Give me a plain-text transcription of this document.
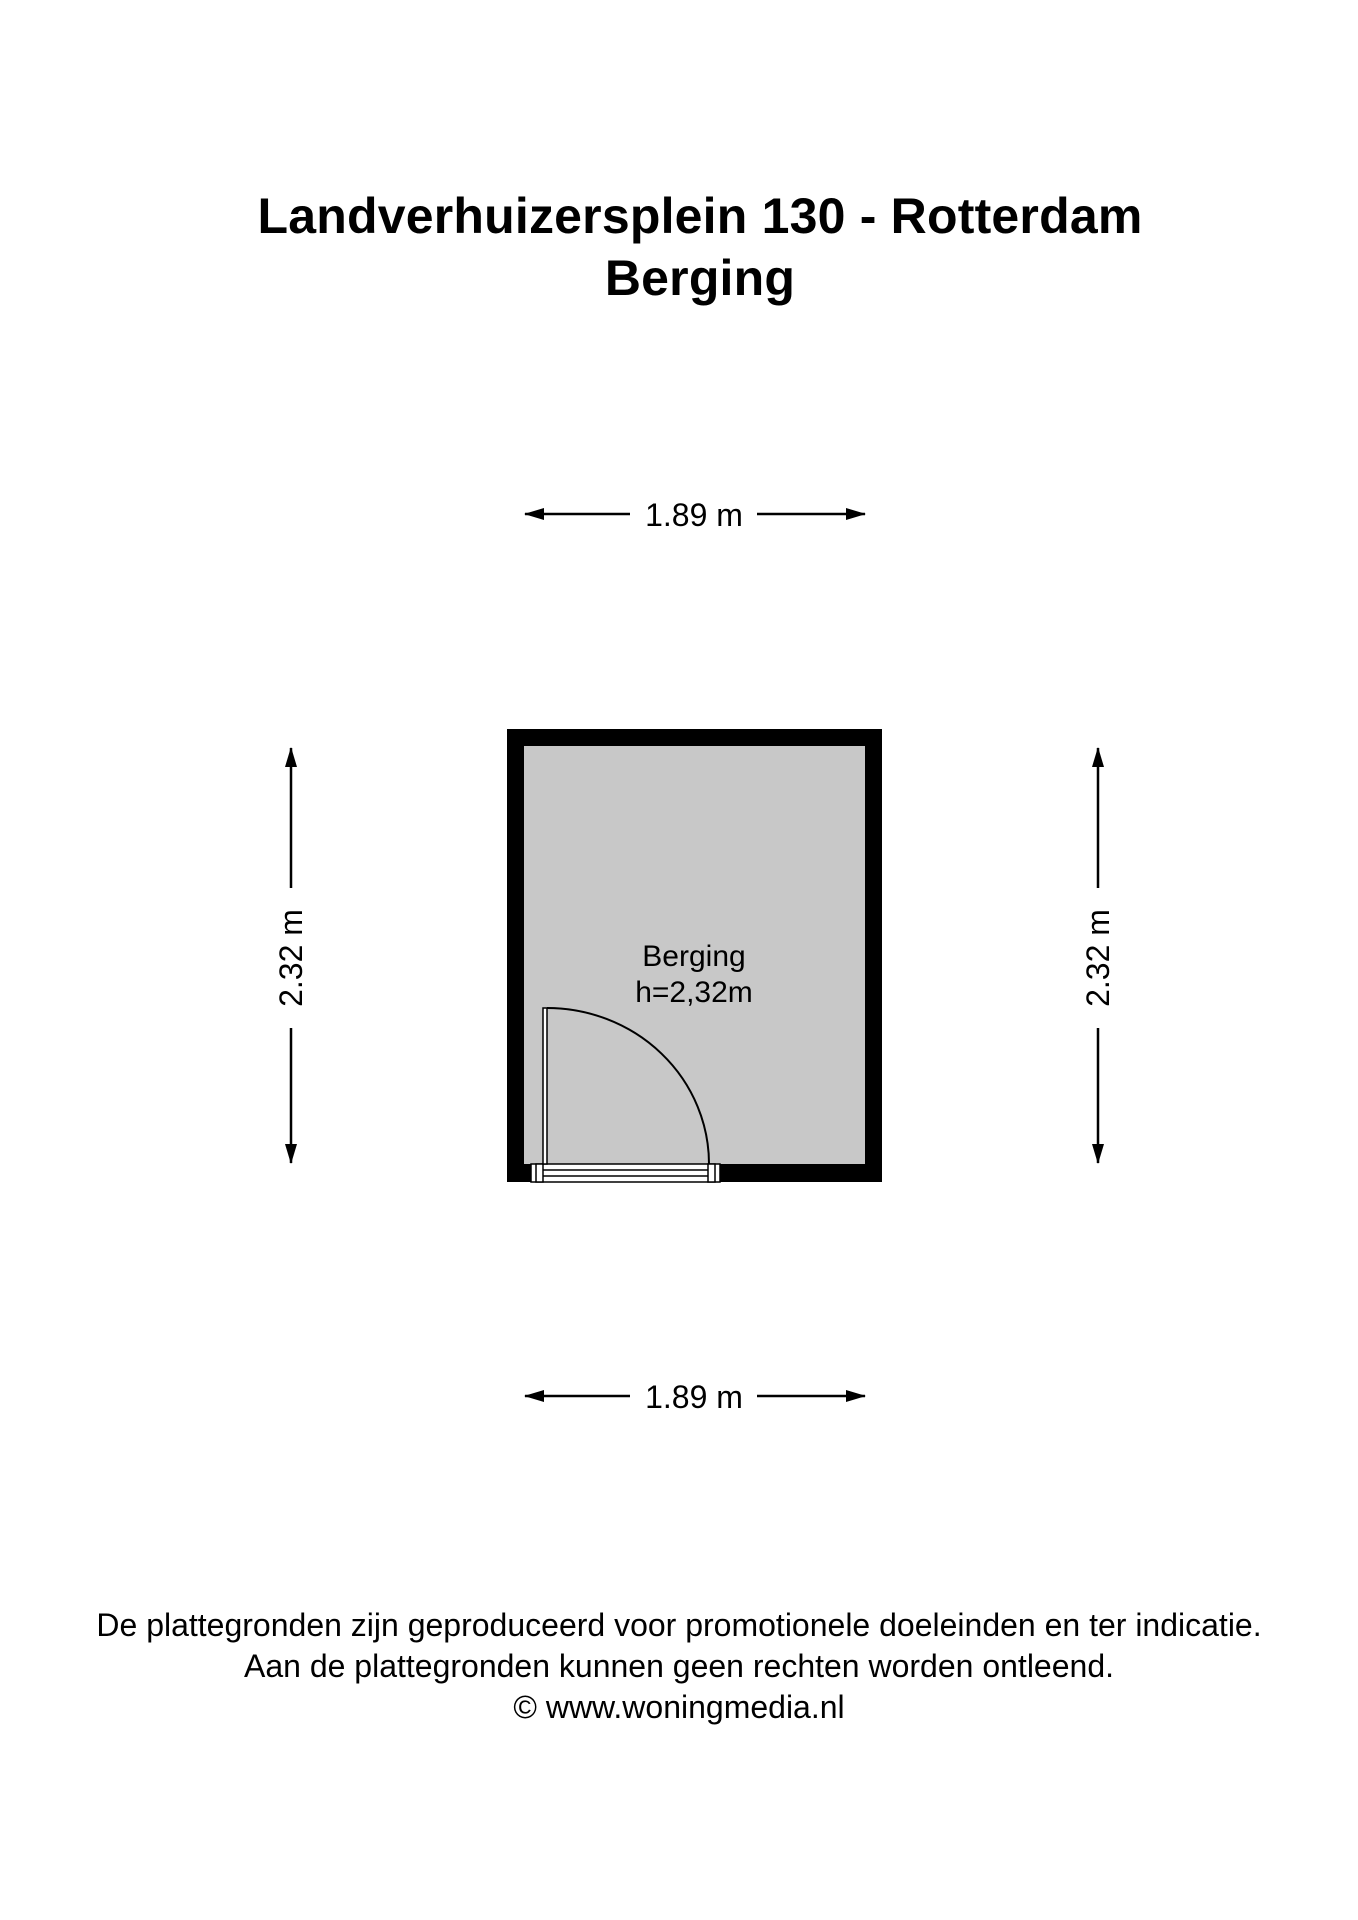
Landverhuizersplein 130 - Rotterdam
Berging
1.89 m
1.89 m
2.32 m	2.32 m
Berging
h=2,32m
De plattegronden zijn geproduceerd voor promotionele doeleinden en ter indicatie.
Aan de plattegronden kunnen geen rechten worden ontleend.
© www.woningmedia.nl
